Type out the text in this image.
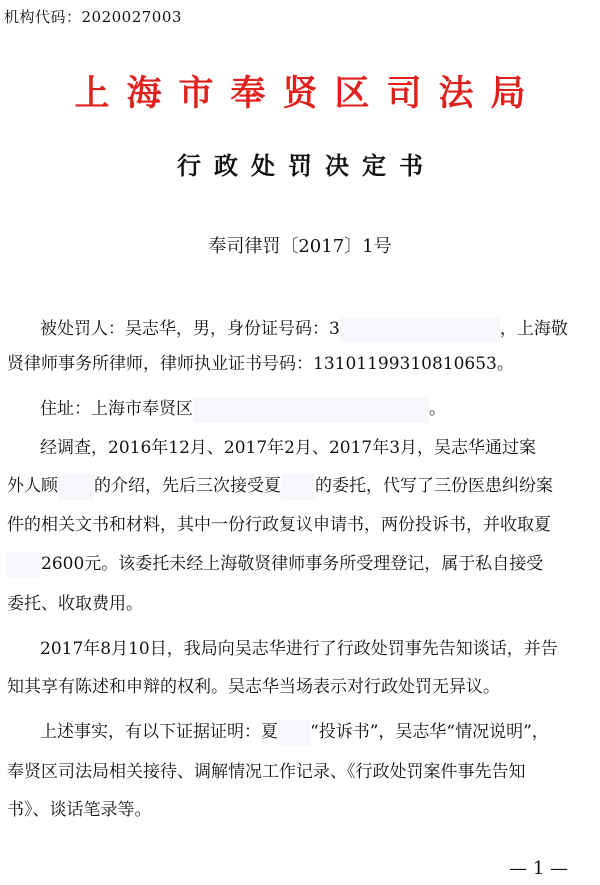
机构代码：2020027003
上海市奉贤区司法局
行政处罚决定书
奉司律罚〔2017〕1号
被处罚人：吴志华，男，身份证号码：3	，上海敬
贤律师事务所律师，律师执业证书号码：13101199310810653。
住址：上海市奉贤区	。
经调查，2016年12月、2017年2月、2017年3月，吴志华通过案
外人顾 的介绍，先后三次接受夏 的委托，代写了三份医患纠纷案
件的相关文书和材料，其中一份行政复议申请书，两份投诉书，并收取夏
2600元。该委托未经上海敬贤律师事务所受理登记，属于私自接受
委托、收取费用。
2017年8月10日，我局向吴志华进行了行政处罚事先告知谈话，并告
知其享有陈述和申辩的权利。吴志华当场表示对行政处罚无异议。
上述事实，有以下证据证明：夏 “投诉书”，吴志华“情况说明”，
奉贤区司法局相关接待、调解情况工作记录、《行政处罚案件事先告知
书》、谈话笔录等。
— 1 —
